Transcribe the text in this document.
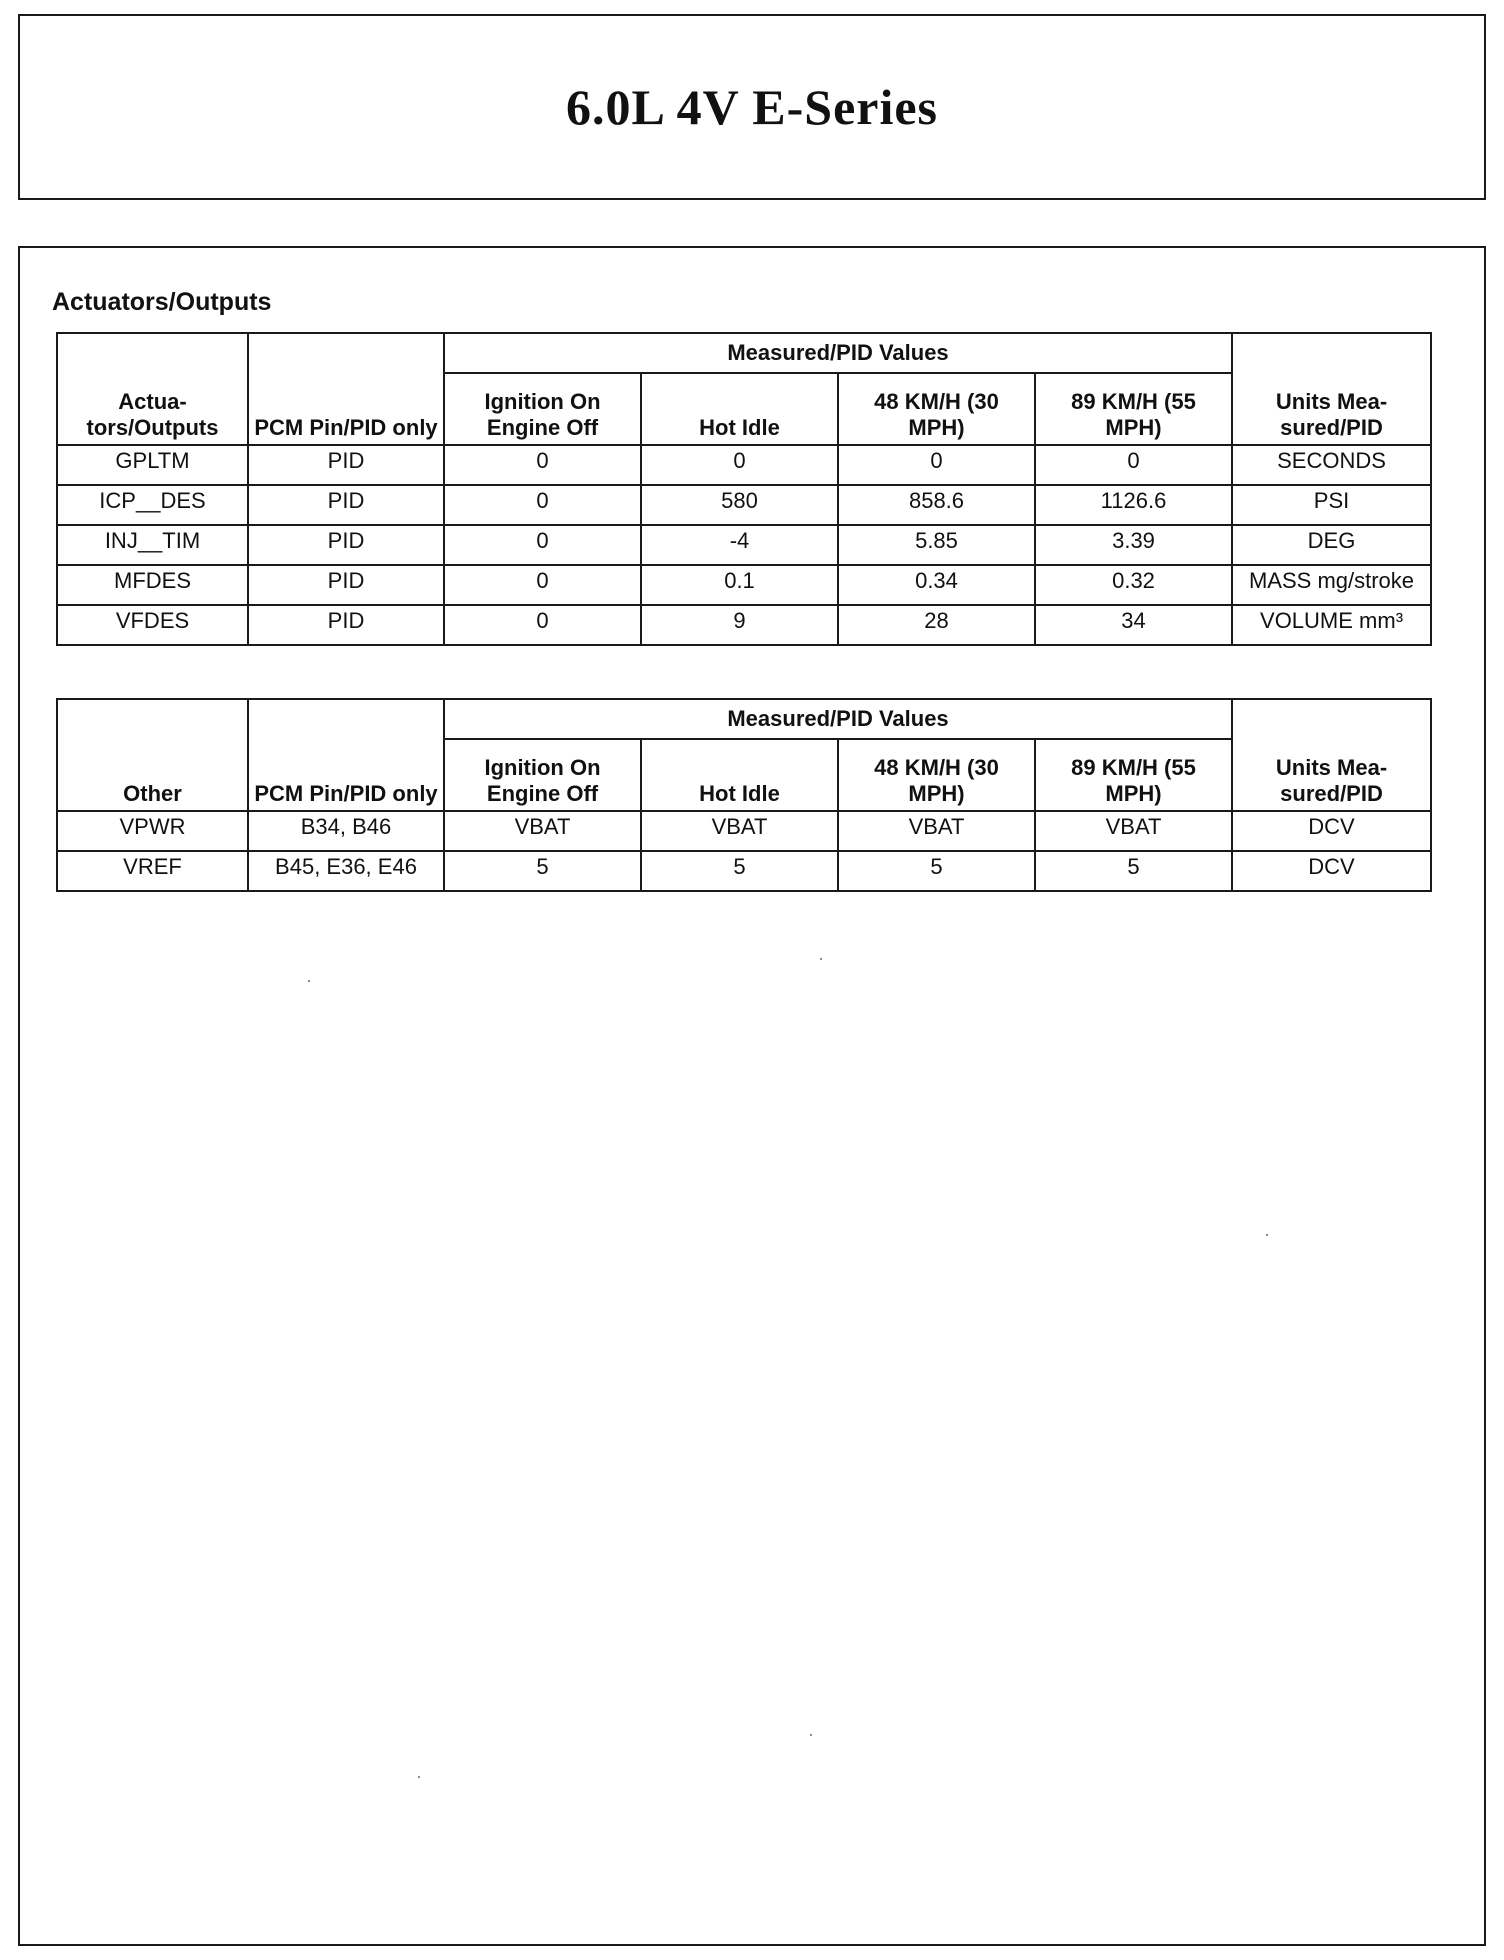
6.0L 4V E-Series
Actuators/Outputs
Actuators/Outputs	PCM Pin/PID only	Measured/PID Values				Units Measured/PID
		Ignition On Engine Off	Hot Idle	48 KM/H (30 MPH)	89 KM/H (55 MPH)	
GPLTM	PID	0	0	0	0	SECONDS
ICP__DES	PID	0	580	858.6	1126.6	PSI
INJ__TIM	PID	0	-4	5.85	3.39	DEG
MFDES	PID	0	0.1	0.34	0.32	MASS mg/stroke
VFDES	PID	0	9	28	34	VOLUME mm³
Other	PCM Pin/PID only	Measured/PID Values				Units Measured/PID
		Ignition On Engine Off	Hot Idle	48 KM/H (30 MPH)	89 KM/H (55 MPH)	
VPWR	B34, B46	VBAT	VBAT	VBAT	VBAT	DCV
VREF	B45, E36, E46	5	5	5	5	DCV
